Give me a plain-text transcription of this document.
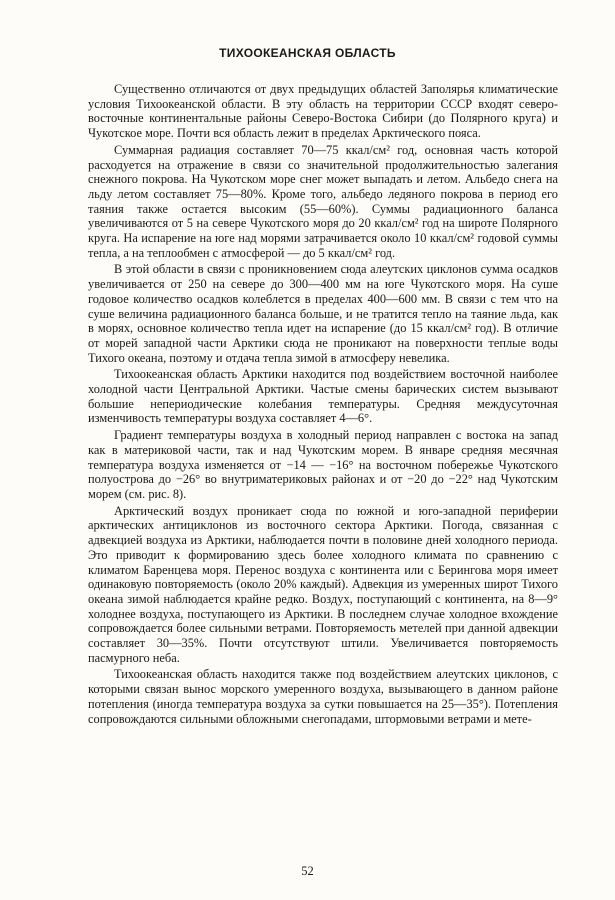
ТИХООКЕАНСКАЯ ОБЛАСТЬ

Существенно отличаются от двух предыдущих областей Заполярья климатические условия Тихоокеанской области. В эту область на территории СССР входят северо-восточные континентальные районы Северо-Востока Сибири (до Полярного круга) и Чукотское море. Почти вся область лежит в пределах Арктического пояса.

Суммарная радиация составляет 70—75 ккал/см² год, основная часть которой расходуется на отражение в связи со значительной продолжительностью залегания снежного покрова. На Чукотском море снег может выпадать и летом. Альбедо снега на льду летом составляет 75—80%. Кроме того, альбедо ледяного покрова в период его таяния также остается высоким (55—60%). Суммы радиационного баланса увеличиваются от 5 на севере Чукотского моря до 20 ккал/см² год на широте Полярного круга. На испарение на юге над морями затрачивается около 10 ккал/см² годовой суммы тепла, а на теплообмен с атмосферой — до 5 ккал/см² год.

В этой области в связи с проникновением сюда алеутских циклонов сумма осадков увеличивается от 250 на севере до 300—400 мм на юге Чукотского моря. На суше годовое количество осадков колеблется в пределах 400—600 мм. В связи с тем что на суше величина радиационного баланса больше, и не тратится тепло на таяние льда, как в морях, основное количество тепла идет на испарение (до 15 ккал/см² год). В отличие от морей западной части Арктики сюда не проникают на поверхности теплые воды Тихого океана, поэтому и отдача тепла зимой в атмосферу невелика.

Тихоокеанская область Арктики находится под воздействием восточной наиболее холодной части Центральной Арктики. Частые смены барических систем вызывают большие непериодические колебания температуры. Средняя междусуточная изменчивость температуры воздуха составляет 4—6°.

Градиент температуры воздуха в холодный период направлен с востока на запад как в материковой части, так и над Чукотским морем. В январе средняя месячная температура воздуха изменяется от −14 — −16° на восточном побережье Чукотского полуострова до −26° во внутриматериковых районах и от −20 до −22° над Чукотским морем (см. рис. 8).

Арктический воздух проникает сюда по южной и юго-западной периферии арктических антициклонов из восточного сектора Арктики. Погода, связанная с адвекцией воздуха из Арктики, наблюдается почти в половине дней холодного периода. Это приводит к формированию здесь более холодного климата по сравнению с климатом Баренцева моря. Перенос воздуха с континента или с Берингова моря имеет одинаковую повторяемость (около 20% каждый). Адвекция из умеренных широт Тихого океана зимой наблюдается крайне редко. Воздух, поступающий с континента, на 8—9° холоднее воздуха, поступающего из Арктики. В последнем случае холодное вхождение сопровождается более сильными ветрами. Повторяемость метелей при данной адвекции составляет 30—35%. Почти отсутствуют штили. Увеличивается повторяемость пасмурного неба.

Тихоокеанская область находится также под воздействием алеутских циклонов, с которыми связан вынос морского умеренного воздуха, вызывающего в данном районе потепления (иногда температура воздуха за сутки повышается на 25—35°). Потепления сопровождаются сильными обложными снегопадами, штормовыми ветрами и мете-

52
